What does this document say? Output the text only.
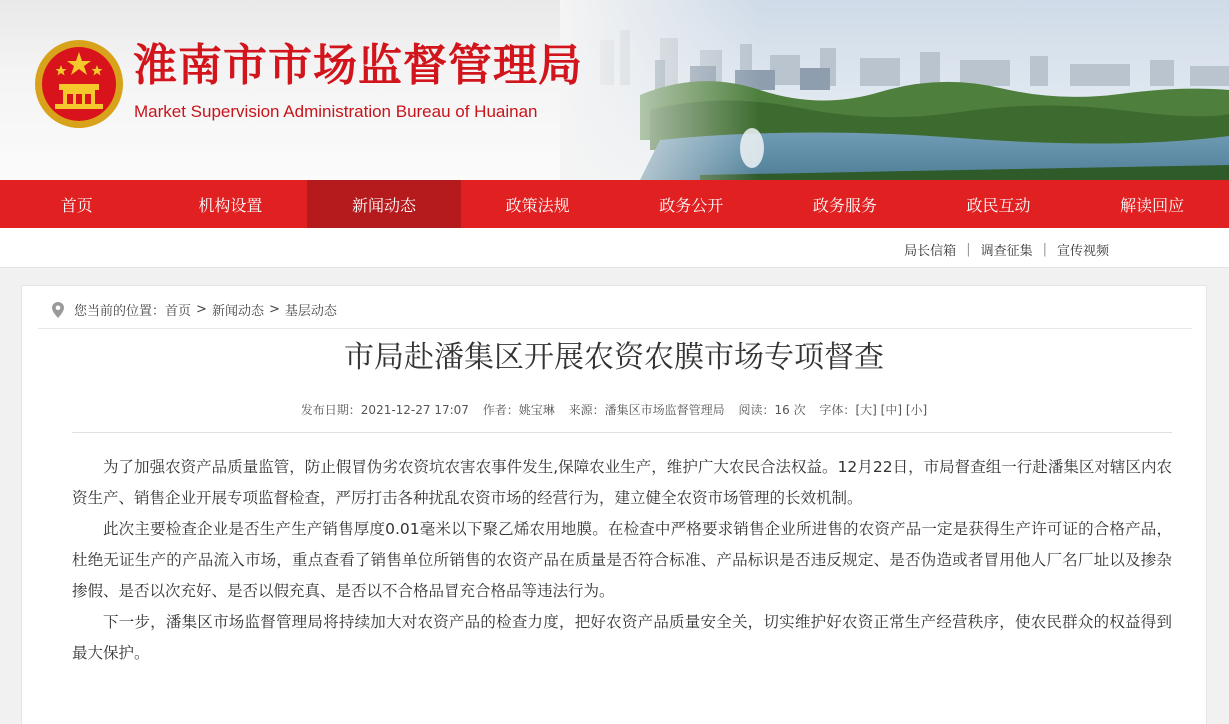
淮南市市场监督管理局
Market Supervision Administration Bureau of Huainan
首页	机构设置	新闻动态	政策法规	政务公开	政务服务	政民互动	解读回应
局长信箱 | 调查征集 | 宣传视频
您当前的位置： 首页 > 新闻动态 > 基层动态
市局赴潘集区开展农资农膜市场专项督查
发布日期：2021-12-27 17:07 作者：姚宝琳 来源：潘集区市场监督管理局 阅读：16 次 字体：[大] [中] [小]

为了加强农资产品质量监管，防止假冒伪劣农资坑农害农事件发生,保障农业生产，维护广大农民合法权益。12月22日，市局督查组一行赴潘集区对辖区内农资生产、销售企业开展专项监督检查，严厉打击各种扰乱农资市场的经营行为，建立健全农资市场管理的长效机制。

此次主要检查企业是否生产生产销售厚度0.01毫米以下聚乙烯农用地膜。在检查中严格要求销售企业所进售的农资产品一定是获得生产许可证的合格产品，杜绝无证生产的产品流入市场，重点查看了销售单位所销售的农资产品在质量是否符合标准、产品标识是否违反规定、是否伪造或者冒用他人厂名厂址以及掺杂掺假、是否以次充好、是否以假充真、是否以不合格品冒充合格品等违法行为。

下一步，潘集区市场监督管理局将持续加大对农资产品的检查力度，把好农资产品质量安全关，切实维护好农资正常生产经营秩序，使农民群众的权益得到最大保护。
